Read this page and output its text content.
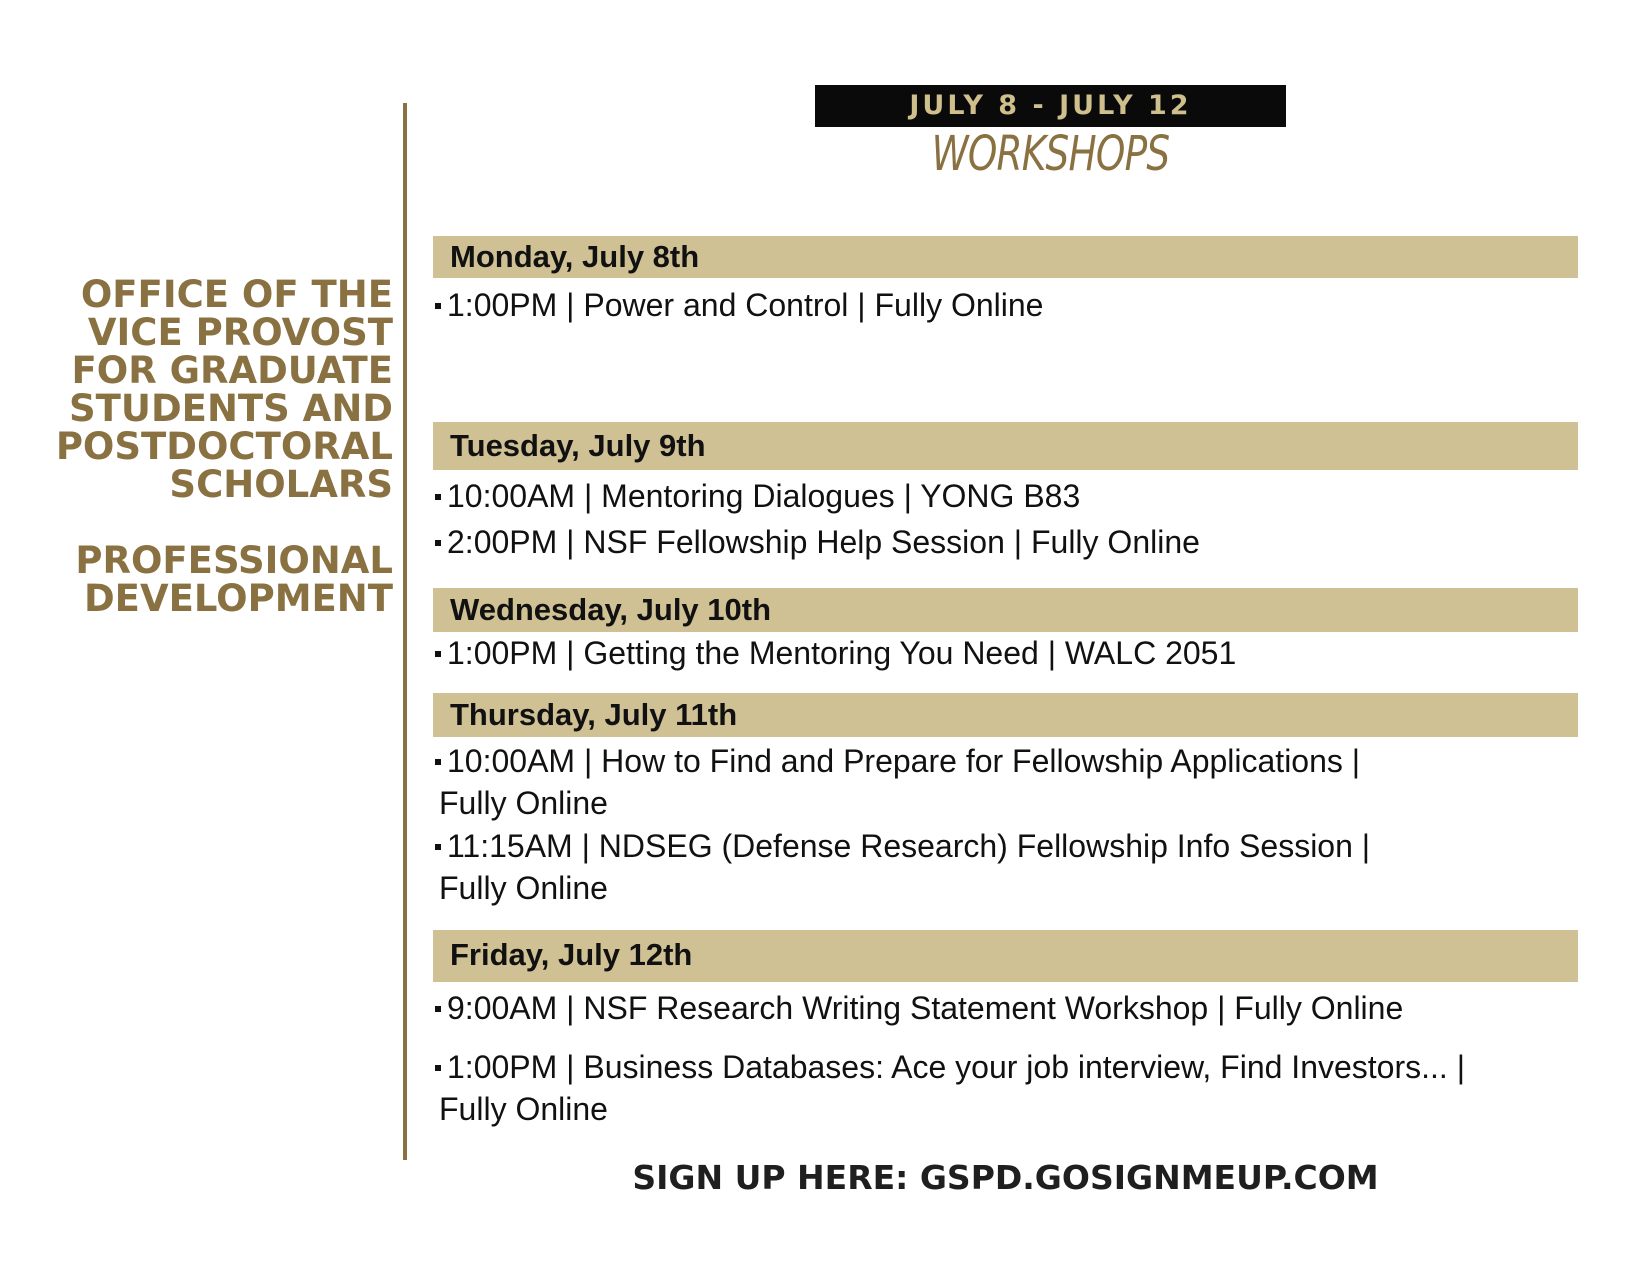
OFFICE OF THE
VICE PROVOST
FOR GRADUATE
STUDENTS AND
POSTDOCTORAL
SCHOLARS
PROFESSIONAL
DEVELOPMENT
JULY 8 - JULY 12
WORKSHOPS
Monday, July 8th
1:00PM | Power and Control | Fully Online
Tuesday, July 9th
10:00AM | Mentoring Dialogues | YONG B83
2:00PM | NSF Fellowship Help Session | Fully Online
Wednesday, July 10th
1:00PM | Getting the Mentoring You Need | WALC 2051
Thursday, July 11th
10:00AM | How to Find and Prepare for Fellowship Applications |
Fully Online
11:15AM | NDSEG (Defense Research) Fellowship Info Session |
Fully Online
Friday, July 12th
9:00AM | NSF Research Writing Statement Workshop | Fully Online
1:00PM | Business Databases: Ace your job interview, Find Investors... |
Fully Online
SIGN UP HERE: GSPD.GOSIGNMEUP.COM
